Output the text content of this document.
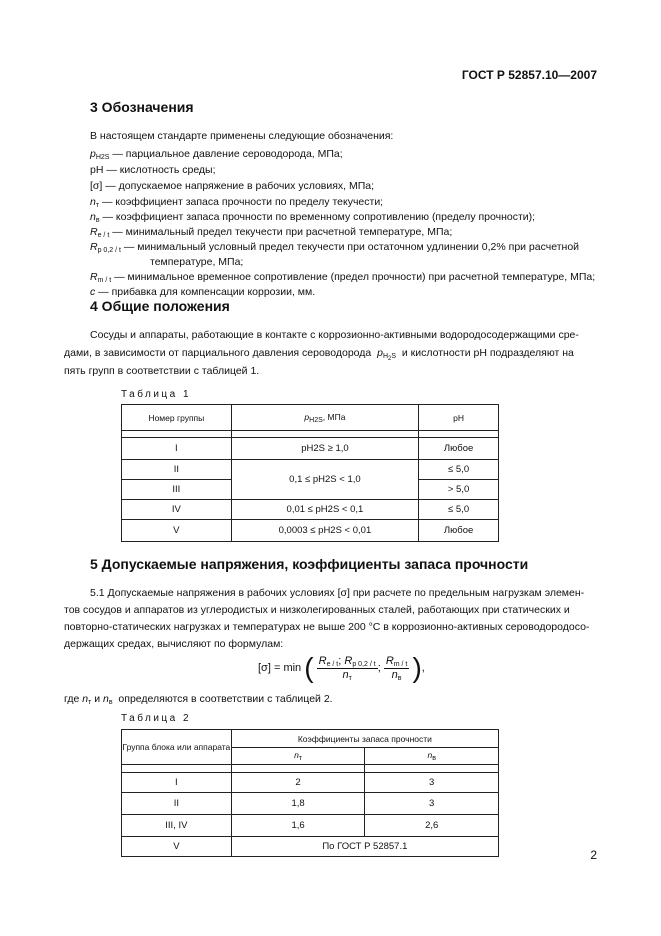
ГОСТ Р 52857.10—2007
3 Обозначения
В настоящем стандарте применены следующие обозначения:
$p_{H2S}$ — парциальное давление сероводорода, МПа;
pH — кислотность среды;
[σ] — допускаемое напряжение в рабочих условиях, МПа;
$n_т$ — коэффициент запаса прочности по пределу текучести;
$n_в$ — коэффициент запаса прочности по временному сопротивлению (пределу прочности);
$R_{e / t}$ — минимальный предел текучести при расчетной температуре, МПа;
$R_{p 0,2 / t}$ — минимальный условный предел текучести при остаточном удлинении 0,2% при расчетной
температуре, МПа;
$R_{m / t}$ — минимальное временное сопротивление (предел прочности) при расчетной температуре, МПа;
c — прибавка для компенсации коррозии, мм.
4 Общие положения
Сосуды и аппараты, работающие в контакте с коррозионно-активными водородосодержащими сре-
дами, в зависимости от парциального давления сероводорода $p_{H_2S}$ и кислотности рН подразделяют на
пять групп в соответствии с таблицей 1.
Таблица 1
Номер группы	$p_{H2S}$, МПа	рН

I	pH2S ≥ 1,0	Любое
II	0,1 ≤ pH2S < 1,0	≤ 5,0
III		> 5,0
IV	0,01 ≤ pH2S < 0,1	≤ 5,0
V	0,0003 ≤ pH2S < 0,01	Любое
5 Допускаемые напряжения, коэффициенты запаса прочности
5.1 Допускаемые напряжения в рабочих условиях [σ] при расчете по предельным нагрузкам элемен-
тов сосудов и аппаратов из углеродистых и низколегированных сталей, работающих при статических и
повторно-статических нагрузках и температурах не выше 200 °С в коррозионно-активных сероводородосо-
держащих средах, вычисляют по формулам:
[σ] = min ( $\frac{R_{e / t}; R_{p 0,2 / t}}{n_т}$ ; $\frac{R_{m / t}}{n_в}$ ),
где $n_т$ и $n_в$ определяются в соответствии с таблицей 2.
Таблица 2
Группа блока или аппарата	Коэффициенты запаса прочности	
	$n_т$	$n_в$

I	2	3
II	1,8	3
III, IV	1,6	2,6
V	По ГОСТ Р 52857.1	
2
